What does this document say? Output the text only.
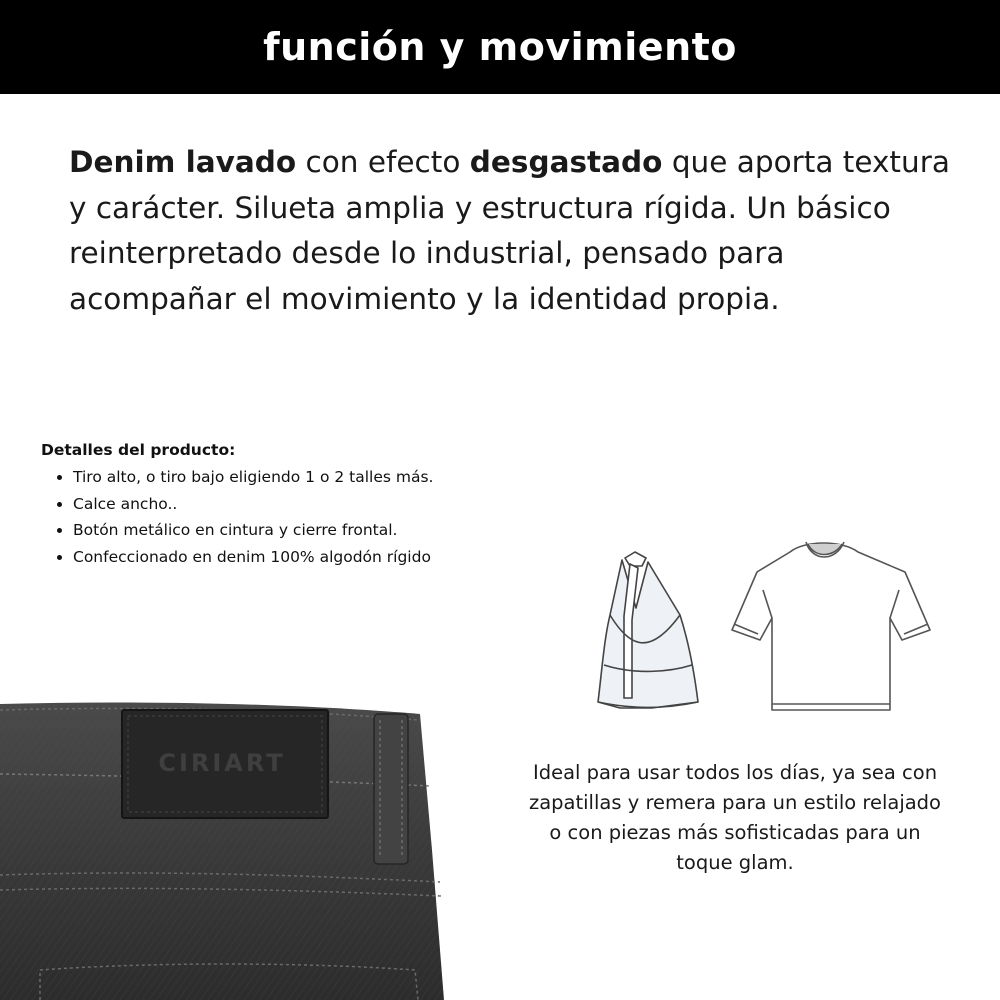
función y movimiento

Denim lavado con efecto desgastado que aporta textura y carácter. Silueta amplia y estructura rígida. Un básico reinterpretado desde lo industrial, pensado para acompañar el movimiento y la identidad propia.

Detalles del producto:
• Tiro alto, o tiro bajo eligiendo 1 o 2 talles más.
• Calce ancho..
• Botón metálico en cintura y cierre frontal.
• Confeccionado en denim 100% algodón rígido

Ideal para usar todos los días, ya sea con zapatillas y remera para un estilo relajado o con piezas más sofisticadas para un toque glam.

CIRIART
